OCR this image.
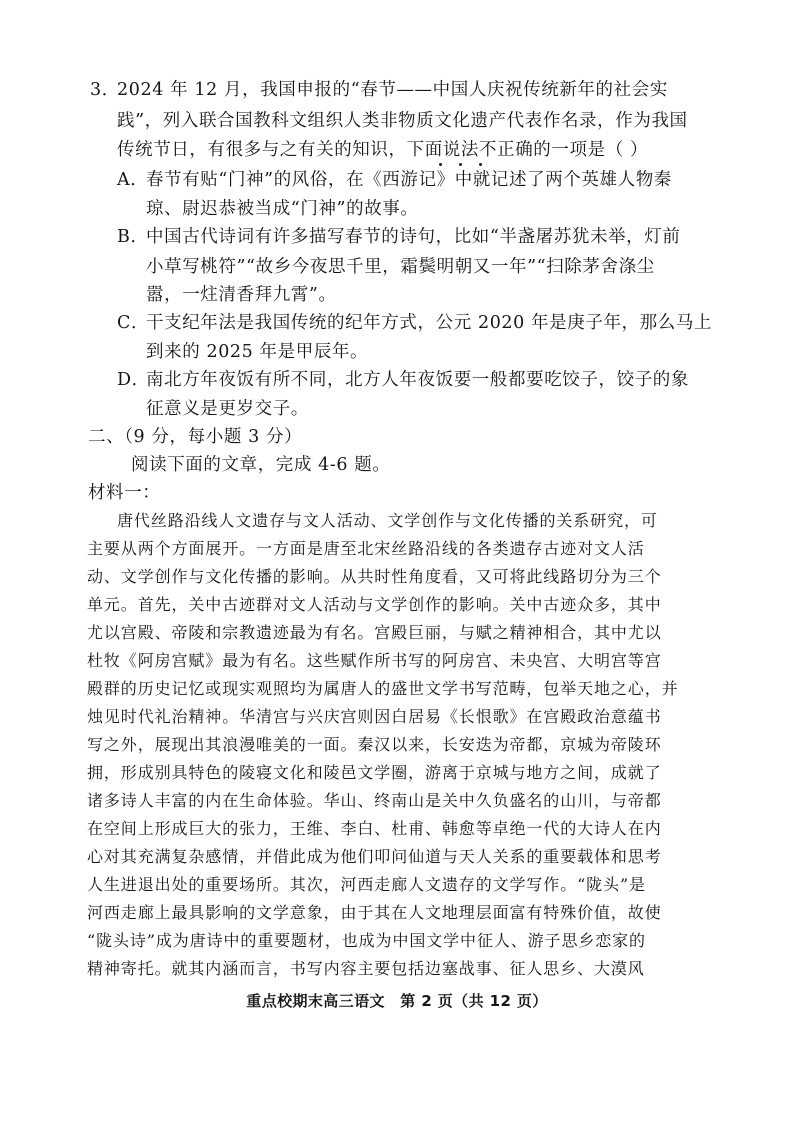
3．
2024 年 12 月，我国申报的“春节——中国人庆祝传统新年的社会实
践”，列入联合国教科文组织人类非物质文化遗产代表作名录，作为我国
传统节日，有很多与之有关的知识，下面说法不正确的一项是（ ）
A．
春节有贴“门神”的风俗，在《西游记》中就记述了两个英雄人物秦
琼、尉迟恭被当成“门神”的故事。
B．
中国古代诗词有许多描写春节的诗句，比如“半盏屠苏犹未举，灯前
小草写桃符”“故乡今夜思千里，霜鬓明朝又一年”“扫除茅舍涤尘
嚣，一炷清香拜九霄”。
C．
干支纪年法是我国传统的纪年方式，公元 2020 年是庚子年，那么马上
到来的 2025 年是甲辰年。
D．
南北方年夜饭有所不同，北方人年夜饭要一般都要吃饺子，饺子的象
征意义是更岁交子。
二、（9 分，每小题 3 分）
阅读下面的文章，完成 4-6 题。
材料一：
唐代丝路沿线人文遗存与文人活动、文学创作与文化传播的关系研究，可
主要从两个方面展开。一方面是唐至北宋丝路沿线的各类遗存古迹对文人活
动、文学创作与文化传播的影响。从共时性角度看，又可将此线路切分为三个
单元。首先，关中古迹群对文人活动与文学创作的影响。关中古迹众多，其中
尤以宫殿、帝陵和宗教遗迹最为有名。宫殿巨丽，与赋之精神相合，其中尤以
杜牧《阿房宫赋》最为有名。这些赋作所书写的阿房宫、未央宫、大明宫等宫
殿群的历史记忆或现实观照均为属唐人的盛世文学书写范畴，包举天地之心，并
烛见时代礼治精神。华清宫与兴庆宫则因白居易《长恨歌》在宫殿政治意蕴书
写之外，展现出其浪漫唯美的一面。秦汉以来，长安迭为帝都，京城为帝陵环
拥，形成别具特色的陵寝文化和陵邑文学圈，游离于京城与地方之间，成就了
诸多诗人丰富的内在生命体验。华山、终南山是关中久负盛名的山川，与帝都
在空间上形成巨大的张力，王维、李白、杜甫、韩愈等卓绝一代的大诗人在内
心对其充满复杂感情，并借此成为他们叩问仙道与天人关系的重要载体和思考
人生进退出处的重要场所。其次，河西走廊人文遗存的文学写作。“陇头”是
河西走廊上最具影响的文学意象，由于其在人文地理层面富有特殊价值，故使
“陇头诗”成为唐诗中的重要题材，也成为中国文学中征人、游子思乡恋家的
精神寄托。就其内涵而言，书写内容主要包括边塞战事、征人思乡、大漠风
重点校期末高三语文　第 2 页（共 12 页）
